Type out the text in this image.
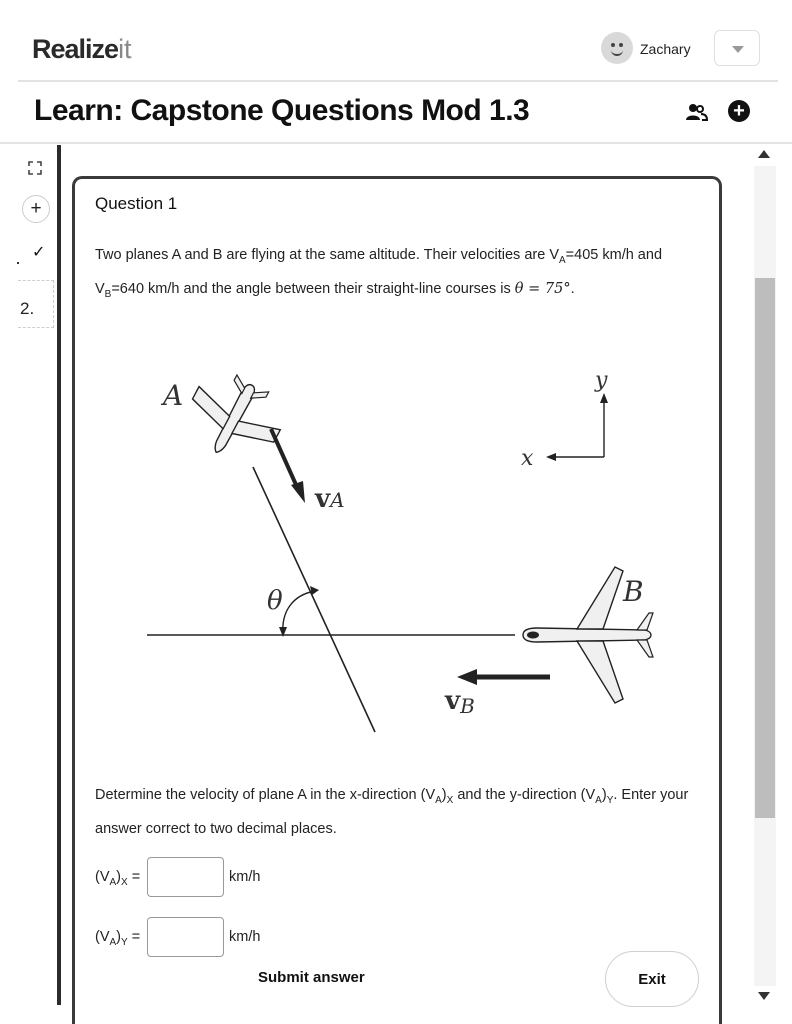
Realizeit	Zachary
Learn: Capstone Questions Mod 1.3	+
+
✓
2.
Question 1
Two planes A and B are flying at the same altitude. Their velocities are $V_A=405$ km/h and $V_B=640$ km/h and the angle between their straight-line courses is θ = 75°.
A
B
vA
vB
θ
x
y
Determine the velocity of plane A in the x-direction $(V_A)_X$ and the y-direction $(V_A)_Y$. Enter your answer correct to two decimal places.
$(V_A)_X$ =	km/h
$(V_A)_Y$ =	km/h
Submit answer	Exit
